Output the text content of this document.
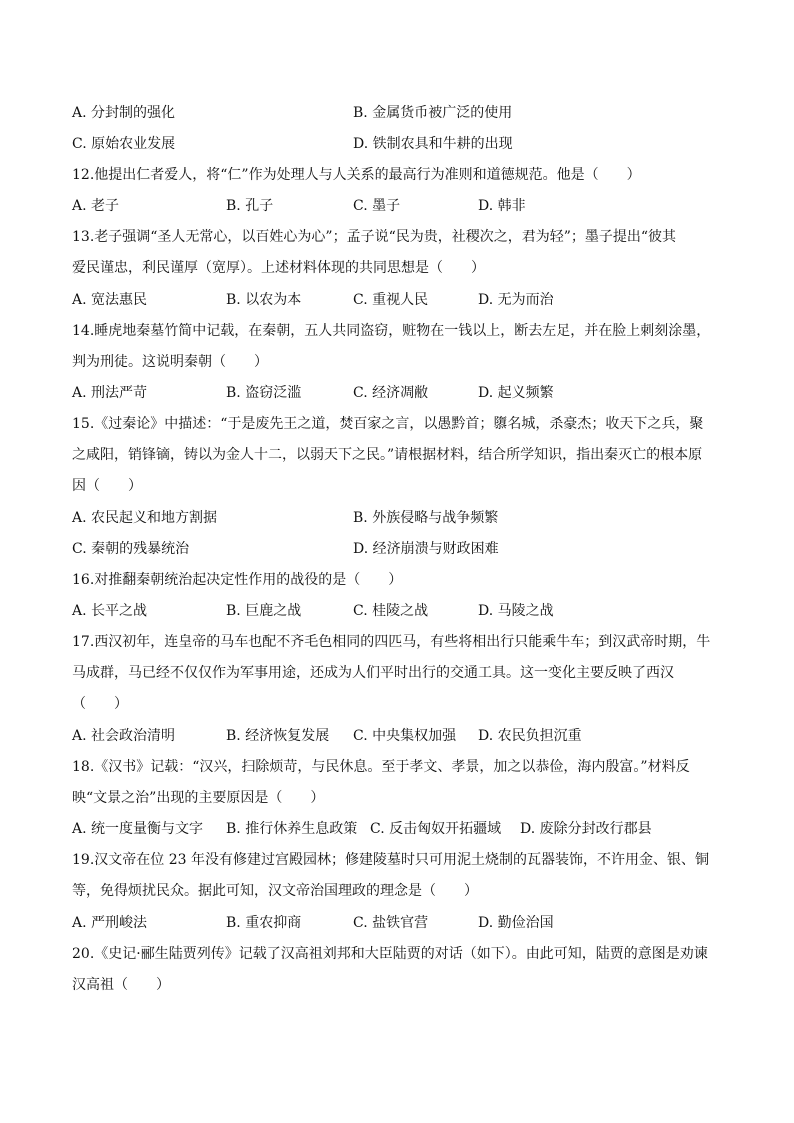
A. 分封制的强化	B. 金属货币被广泛的使用
C. 原始农业发展	D. 铁制农具和牛耕的出现
12.他提出仁者爱人，将“仁”作为处理人与人关系的最高行为准则和道德规范。他是（　　）
A. 老子	B. 孔子	C. 墨子	D. 韩非
13.老子强调“圣人无常心，以百姓心为心”；孟子说“民为贵，社稷次之，君为轻”；墨子提出“彼其
爱民谨忠，利民谨厚（宽厚）。上述材料体现的共同思想是（　　）
A. 宽法惠民	B. 以农为本	C. 重视人民	D. 无为而治
14.睡虎地秦墓竹简中记载，在秦朝，五人共同盗窃，赃物在一钱以上，断去左足，并在脸上刺刻涂墨，
判为刑徒。这说明秦朝（　　）
A. 刑法严苛	B. 盗窃泛滥	C. 经济凋敝	D. 起义频繁
15.《过秦论》中描述：“于是废先王之道，焚百家之言，以愚黔首；隳名城，杀豪杰；收天下之兵，聚
之咸阳，销锋镝，铸以为金人十二，以弱天下之民。”请根据材料，结合所学知识，指出秦灭亡的根本原
因（　　）
A. 农民起义和地方割据	B. 外族侵略与战争频繁
C. 秦朝的残暴统治	D. 经济崩溃与财政困难
16.对推翻秦朝统治起决定性作用的战役的是（　　）
A. 长平之战	B. 巨鹿之战	C. 桂陵之战	D. 马陵之战
17.西汉初年，连皇帝的马车也配不齐毛色相同的四匹马，有些将相出行只能乘牛车；到汉武帝时期，牛
马成群，马已经不仅仅作为军事用途，还成为人们平时出行的交通工具。这一变化主要反映了西汉
（　　）
A. 社会政治清明	B. 经济恢复发展 C. 中央集权加强 D. 农民负担沉重
18.《汉书》记载：“汉兴，扫除烦苛，与民休息。至于孝文、孝景，加之以恭俭，海内殷富。”材料反
映“文景之治”出现的主要原因是（　　）
A. 统一度量衡与文字 B. 推行休养生息政策 C. 反击匈奴开拓疆域 D. 废除分封改行郡县
19.汉文帝在位 23 年没有修建过宫殿园林；修建陵墓时只可用泥土烧制的瓦器装饰，不许用金、银、铜
等，免得烦扰民众。据此可知，汉文帝治国理政的理念是（　　）
A. 严刑峻法	B. 重农抑商	C. 盐铁官营	D. 勤俭治国
20.《史记·郦生陆贾列传》记载了汉高祖刘邦和大臣陆贾的对话（如下）。由此可知，陆贾的意图是劝谏
汉高祖（　　）
